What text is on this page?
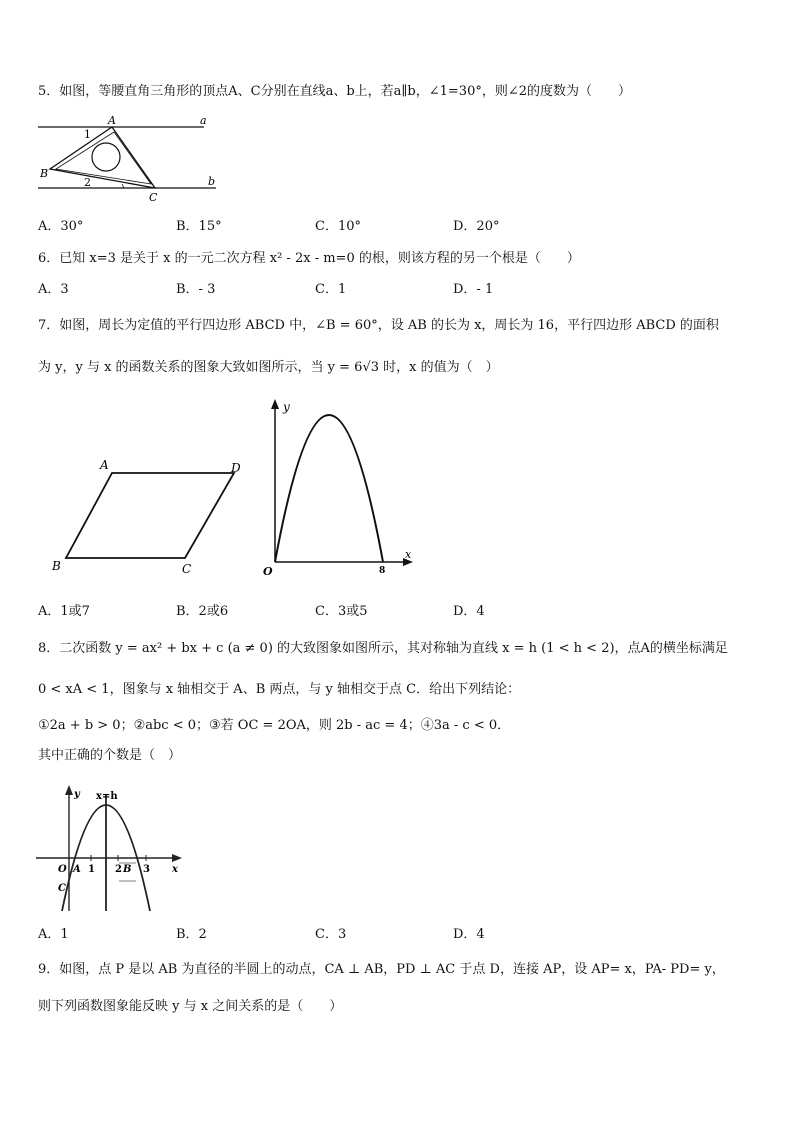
5．如图，等腰直角三角形的顶点A、C分别在直线a、b上，若a∥b，∠1=30°，则∠2的度数为（　　）
A	a
1
B
2	b
C
A．30°	B．15°	C．10°	D．20°
6．已知 x=3 是关于 x 的一元二次方程 x² - 2x - m=0 的根，则该方程的另一个根是（　　）
A．3	B．- 3	C．1	D．- 1
7．如图，周长为定值的平行四边形 ABCD 中，∠B = 60°，设 AB 的长为 x，周长为 16，平行四边形 ABCD 的面积
为 y，y 与 x 的函数关系的图象大致如图所示，当 y = 6√3 时，x 的值为（　）
A	D
B	C
y
x
O	8
A．1或7	B．2或6	C．3或5	D．4
8．二次函数 y = ax² + bx + c (a ≠ 0) 的大致图象如图所示，其对称轴为直线 x = h (1 < h < 2)，点A的横坐标满足
0 < xA < 1，图象与 x 轴相交于 A、B 两点，与 y 轴相交于点 C．给出下列结论：
①2a + b > 0；②abc < 0；③若 OC = 2OA，则 2b - ac = 4；④3a - c < 0．
其中正确的个数是（　）
y x=h
O A 1 2 B 3 x
C
A．1	B．2	C．3	D．4
9．如图，点 P 是以 AB 为直径的半圆上的动点，CA ⊥ AB，PD ⊥ AC 于点 D，连接 AP，设 AP= x，PA- PD= y，
则下列函数图象能反映 y 与 x 之间关系的是（　　）
